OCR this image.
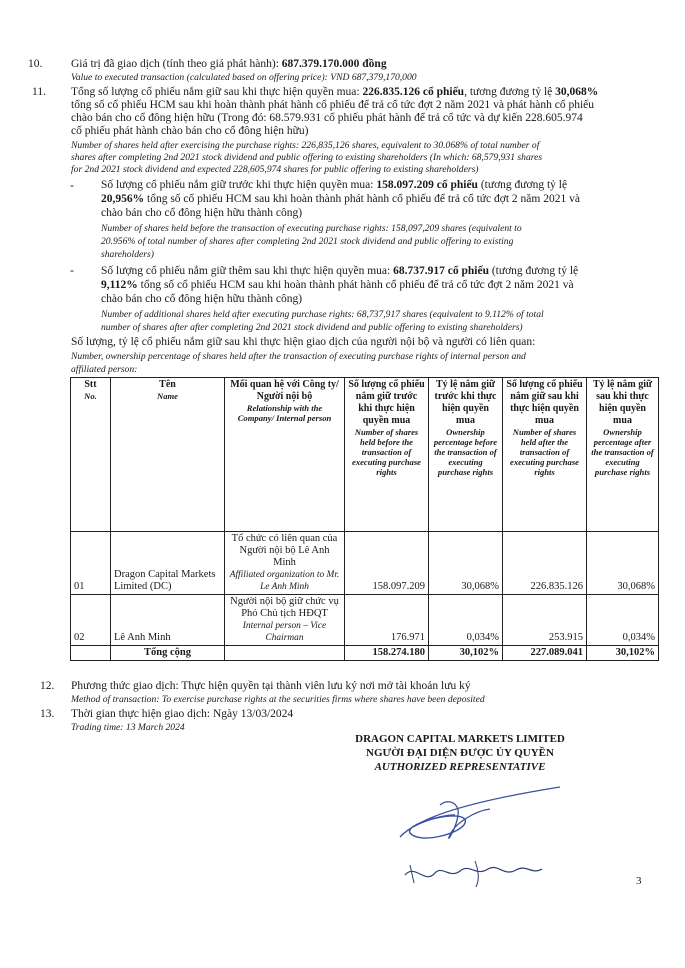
10. Giá trị đã giao dịch (tính theo giá phát hành): 687.379.170.000 đồng
Value to executed transaction (calculated based on offering price): VND 687,379,170,000
11. Tổng số lượng cổ phiếu nắm giữ sau khi thực hiện quyền mua: 226.835.126 cổ phiếu, tương đương tỷ lệ 30,068%
tổng số cổ phiếu HCM sau khi hoàn thành phát hành cổ phiếu để trả cổ tức đợt 2 năm 2021 và phát hành cổ phiếu
chào bán cho cổ đông hiện hữu (Trong đó: 68.579.931 cổ phiếu phát hành để trả cổ tức và dự kiến 228.605.974
cổ phiếu phát hành chào bán cho cổ đông hiện hữu)
Number of shares held after exercising the purchase rights: 226,835,126 shares, equivalent to 30.068% of total number of
shares after completing 2nd 2021 stock dividend and public offering to existing shareholders (In which: 68,579,931 shares
for 2nd 2021 stock dividend and expected 228,605,974 shares for public offering to existing shareholders)
- Số lượng cổ phiếu nắm giữ trước khi thực hiện quyền mua: 158.097.209 cổ phiếu (tương đương tỷ lệ
20,956% tổng số cổ phiếu HCM sau khi hoàn thành phát hành cổ phiếu để trả cổ tức đợt 2 năm 2021 và
chào bán cho cổ đông hiện hữu thành công)
Number of shares held before the transaction of executing purchase rights: 158,097,209 shares (equivalent to
20.956% of total number of shares after completing 2nd 2021 stock dividend and public offering to existing
shareholders)
- Số lượng cổ phiếu nắm giữ thêm sau khi thực hiện quyền mua: 68.737.917 cổ phiếu (tương đương tỷ lệ
9,112% tổng số cổ phiếu HCM sau khi hoàn thành phát hành cổ phiếu để trả cổ tức đợt 2 năm 2021 và
chào bán cho cổ đông hiện hữu thành công)
Number of additional shares held after executing purchase rights: 68,737,917 shares (equivalent to 9.112% of total
number of shares after after completing 2nd 2021 stock dividend and public offering to existing shareholders)
Số lượng, tỷ lệ cổ phiếu nắm giữ sau khi thực hiện giao dịch của người nội bộ và người có liên quan:
Number, ownership percentage of shares held after the transaction of executing purchase rights of internal person and
affiliated person:
Stt
No.	Tên
Name	Mối quan hệ với Công ty/ Người nội bộ
Relationship with the Company/ Internal person	Số lượng cổ phiếu nắm giữ trước khi thực hiện quyền mua
Number of shares held before the transaction of executing purchase rights	Tỷ lệ nắm giữ trước khi thực hiện quyền mua
Ownership percentage before the transaction of executing purchase rights	Số lượng cổ phiếu nắm giữ sau khi thực hiện quyền mua
Number of shares held after the transaction of executing purchase rights	Tỷ lệ nắm giữ sau khi thực hiện quyền mua
Ownership percentage after the transaction of executing purchase rights

01	Dragon Capital Markets Limited (DC)	Tổ chức có liên quan của Người nội bộ Lê Anh Minh
Affiliated organization to Mr. Le Anh Minh	158.097.209	30,068%	226.835.126	30,068%
02	Lê Anh Minh	Người nội bộ giữ chức vụ Phó Chủ tịch HĐQT
Internal person – Vice Chairman	176.971	0,034%	253.915	0,034%
	Tổng cộng		158.274.180	30,102%	227.089.041	30,102%
12. Phương thức giao dịch: Thực hiện quyền tại thành viên lưu ký nơi mở tài khoản lưu ký
Method of transaction: To exercise purchase rights at the securities firms where shares have been deposited
13. Thời gian thực hiện giao dịch: Ngày 13/03/2024
Trading time: 13 March 2024
DRAGON CAPITAL MARKETS LIMITED
NGƯỜI ĐẠI DIỆN ĐƯỢC ỦY QUYỀN
AUTHORIZED REPRESENTATIVE
3
